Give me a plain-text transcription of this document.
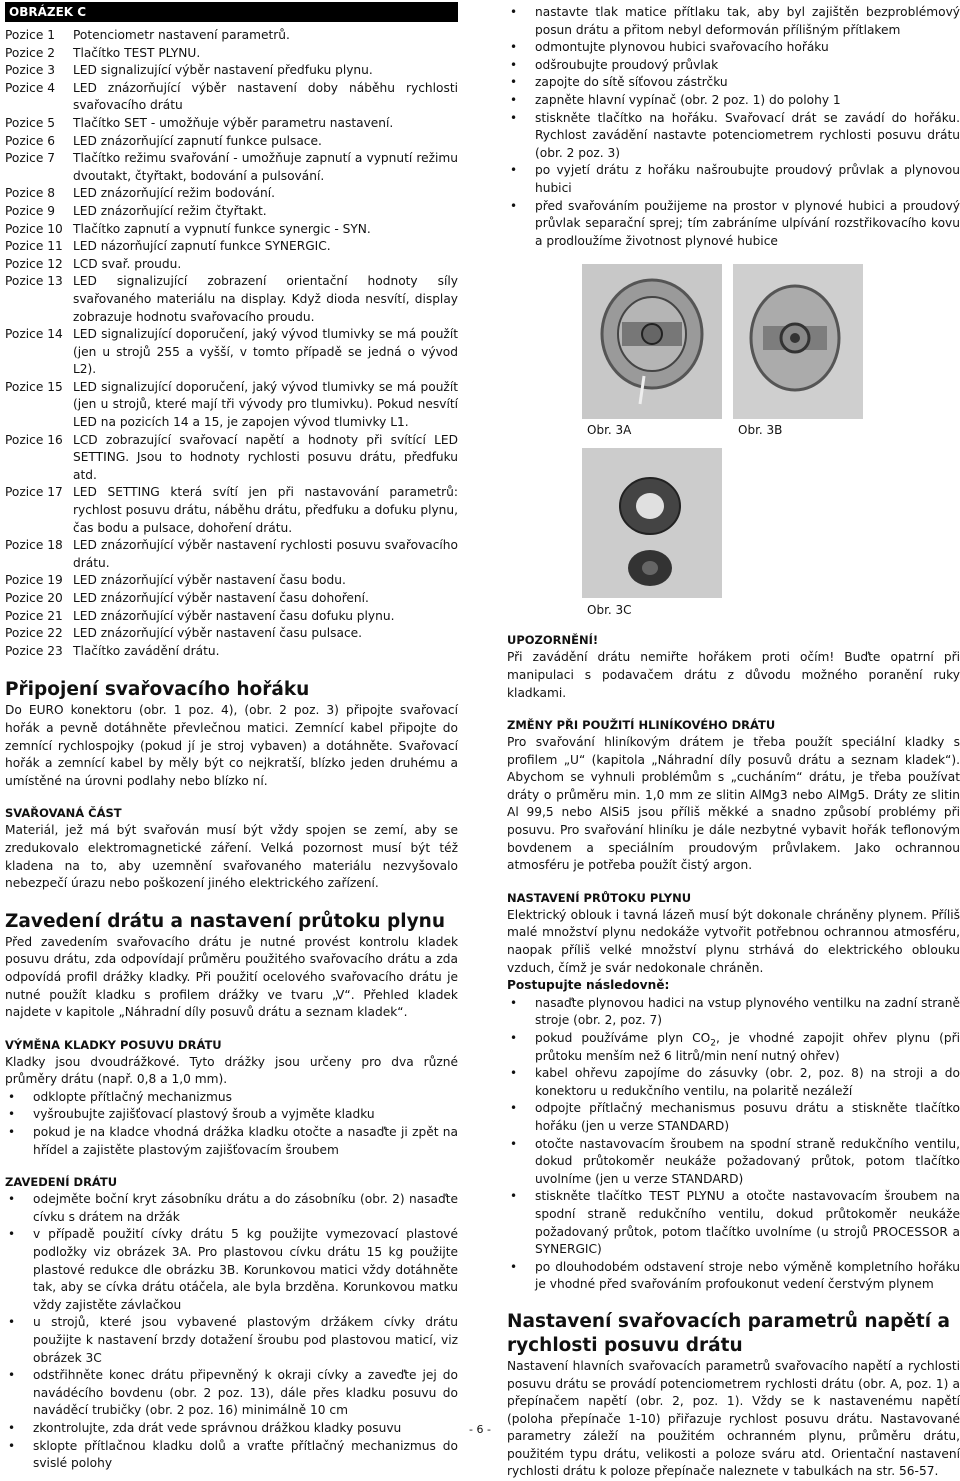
OBRÁZEK C
Pozice 1	Potenciometr nastavení parametrů.
Pozice 2	Tlačítko TEST PLYNU.
Pozice 3	LED signalizující výběr nastavení předfuku plynu.
Pozice 4	LED znázorňující výběr nastavení doby náběhu rychlosti svařovacího drátu
Pozice 5	Tlačítko SET - umožňuje výběr parametru nastavení.
Pozice 6	LED znázorňující zapnutí funkce pulsace.
Pozice 7	Tlačítko režimu svařování - umožňuje zapnutí a vypnutí režimu dvoutakt, čtyřtakt, bodování a pulsování.
Pozice 8	LED znázorňující režim bodování.
Pozice 9	LED znázorňující režim čtyřtakt.
Pozice 10 Tlačítko zapnutí a vypnutí funkce synergic - SYN.
Pozice 11 LED názorňující zapnutí funkce SYNERGIC.
Pozice 12 LCD svař. proudu.
Pozice 13 LED signalizující zobrazení orientační hodnoty síly svařovaného materiálu na display. Když dioda nesvítí, display zobrazuje hodnotu svařovacího proudu.
Pozice 14 LED signalizující doporučení, jaký vývod tlumivky se má použít (jen u strojů 255 a vyšší, v tomto případě se jedná o vývod L2).
Pozice 15 LED signalizující doporučení, jaký vývod tlumivky se má použít (jen u strojů, které mají tři vývody pro tlumivku). Pokud nesvítí LED na pozicích 14 a 15, je zapojen vývod tlumivky L1.
Pozice 16 LCD zobrazující svařovací napětí a hodnoty při svítící LED SETTING. Jsou to hodnoty rychlosti posuvu drátu, předfuku atd.
Pozice 17 LED SETTING která svítí jen při nastavování parametrů: rychlost posuvu drátu, náběhu drátu, předfuku a dofuku plynu, čas bodu a pulsace, dohoření drátu.
Pozice 18 LED znázorňující výběr nastavení rychlosti posuvu svařovacího drátu.
Pozice 19 LED znázorňující výběr nastavení času bodu.
Pozice 20 LED znázorňující výběr nastavení času dohoření.
Pozice 21 LED znázorňující výběr nastavení času dofuku plynu.
Pozice 22 LED znázorňující výběr nastavení času pulsace.
Pozice 23 Tlačítko zavádění drátu.
Připojení svařovacího hořáku

Do EURO konektoru (obr. 1 poz. 4), (obr. 2 poz. 3) připojte svařovací hořák a pevně dotáhněte převlečnou matici. Zemnící kabel připojte do zemnící rychlospojky (pokud jí je stroj vybaven) a dotáhněte. Svařovací hořák a zemnící kabel by měly být co nejkratší, blízko jeden druhému a umístěné na úrovni podlahy nebo blízko ní.

SVAŘOVANÁ ČÁST

Materiál, jež má být svařován musí být vždy spojen se zemí, aby se zredukovalo elektromagnetické záření. Velká pozornost musí být též kladena na to, aby uzemnění svařovaného materiálu nezvyšovalo nebezpečí úrazu nebo poškození jiného elektrického zařízení.

Zavedení drátu a nastavení průtoku plynu

Před zavedením svařovacího drátu je nutné provést kontrolu kladek posuvu drátu, zda odpovídají průměru použitého svařovacího drátu a zda odpovídá profil drážky kladky. Při použití ocelového svařovacího drátu je nutné použít kladku s profilem drážky ve tvaru „V“. Přehled kladek najdete v kapitole „Náhradní díly posuvů drátu a seznam kladek“.

VÝMĚNA KLADKY POSUVU DRÁTU

Kladky jsou dvoudrážkové. Tyto drážky jsou určeny pro dva různé průměry drátu (např. 0,8 a 1,0 mm).

• odklopte přítlačný mechanizmus
• vyšroubujte zajišťovací plastový šroub a vyjměte kladku
• pokud je na kladce vhodná drážka kladku otočte a nasaďte ji zpět na hřídel a zajistěte plastovým zajišťovacím šroubem
ZAVEDENÍ DRÁTU
• odejměte boční kryt zásobníku drátu a do zásobníku (obr. 2) nasaďte cívku s drátem na držák
• v případě použití cívky drátu 5 kg použijte vymezovací plastové podložky viz obrázek 3A. Pro plastovou cívku drátu 15 kg použijte plastové redukce dle obrázku 3B. Korunkovou matici vždy dotáhněte tak, aby se cívka drátu otáčela, ale byla brzděna. Korunkovou matku vždy zajistěte závlačkou
• u strojů, které jsou vybavené plastovým držákem cívky drátu použijte k nastavení brzdy dotažení šroubu pod plastovou maticí, viz obrázek 3C
• odstřihněte konec drátu připevněný k okraji cívky a zaveďte jej do navádécího bovdenu (obr. 2 poz. 13), dále přes kladku posuvu do naváděcí trubičky (obr. 2 poz. 16) minimálně 10 cm
• zkontrolujte, zda drát vede správnou drážkou kladky posuvu
• sklopte přítlačnou kladku dolů a vraťte přítlačný mechanizmus do svislé polohy
• nastavte tlak matice přítlaku tak, aby byl zajištěn bezproblémový posun drátu a přitom nebyl deformován přílišným přítlakem
• odmontujte plynovou hubici svařovacího hořáku
• odšroubujte proudový průvlak
• zapojte do sítě síťovou zástrčku
• zapněte hlavní vypínač (obr. 2 poz. 1) do polohy 1
• stiskněte tlačítko na hořáku. Svařovací drát se zavádí do hořáku. Rychlost zavádění nastavte potenciometrem rychlosti posuvu drátu (obr. 2 poz. 3)
• po vyjetí drátu z hořáku našroubujte proudový průvlak a plynovou hubici
• před svařováním použijeme na prostor v plynové hubici a proudový průvlak separační sprej; tím zabráníme ulpívání rozstřikovacího kovu a prodloužíme životnost plynové hubice
Obr. 3A	Obr. 3B
Obr. 3C
UPOZORNĚNÍ!

Při zavádění drátu nemiřte hořákem proti očím! Buďte opatrní při manipulaci s podavačem drátu z důvodu možného poranění ruky kladkami.

ZMĚNY PŘI POUŽITÍ HLINÍKOVÉHO DRÁTU

Pro svařování hliníkovým drátem je třeba použít speciální kladky s profilem „U“ (kapitola „Náhradní díly posuvů drátu a seznam kladek“). Abychom se vyhnuli problémům s „cucháním“ drátu, je třeba používat dráty o průměru min. 1,0 mm ze slitin AlMg3 nebo AlMg5. Dráty ze slitin Al 99,5 nebo AlSi5 jsou příliš měkké a snadno způsobí problémy při posuvu. Pro svařování hliníku je dále nezbytné vybavit hořák teflonovým bovdenem a speciálním proudovým průvlakem. Jako ochrannou atmosféru je potřeba použít čistý argon.

NASTAVENÍ PRŮTOKU PLYNU

Elektrický oblouk i tavná lázeň musí být dokonale chráněny plynem. Příliš malé množství plynu nedokáže vytvořit potřebnou ochrannou atmosféru, naopak příliš velké množství plynu strhává do elektrického oblouku vzduch, čímž je svár nedokonale chráněn.

Postupujte následovně:

• nasaďte plynovou hadici na vstup plynového ventilku na zadní straně stroje (obr. 2, poz. 7)
• pokud používáme plyn $CO_2$, je vhodné zapojit ohřev plynu (při průtoku menším než 6 litrů/min není nutný ohřev)
• kabel ohřevu zapojíme do zásuvky (obr. 2, poz. 8) na stroji a do konektoru u redukčního ventilu, na polaritě nezáleží
• odpojte přítlačný mechanismus posuvu drátu a stiskněte tlačítko hořáku (jen u verze STANDARD)
• otočte nastavovacím šroubem na spodní straně redukčního ventilu, dokud průtokoměr neukáže požadovaný průtok, potom tlačítko uvolníme (jen u verze STANDARD)
• stiskněte tlačítko TEST PLYNU a otočte nastavovacím šroubem na spodní straně redukčního ventilu, dokud průtokoměr neukáže požadovaný průtok, potom tlačítko uvolníme (u strojů PROCESSOR a SYNERGIC)
• po dlouhodobém odstavení stroje nebo výměně kompletního hořáku je vhodné před svařováním profoukonut vedení čerstvým plynem
Nastavení svařovacích parametrů napětí a rychlosti posuvu drátu

Nastavení hlavních svařovacích parametrů svařovacího napětí a rychlosti posuvu drátu se provádí potenciometrem rychlosti drátu (obr. A, poz. 1) a přepínačem napětí (obr. 2, poz. 1). Vždy se k nastavenému napětí (poloha přepínače 1-10) přiřazuje rychlost posuvu drátu. Nastavované parametry záleží na použitém ochranném plynu, průměru drátu, použitém typu drátu, velikosti a poloze sváru atd. Orientační nastavení rychlosti drátu k poloze přepínače naleznete v tabulkách na str. 56-57.

- 6 -
